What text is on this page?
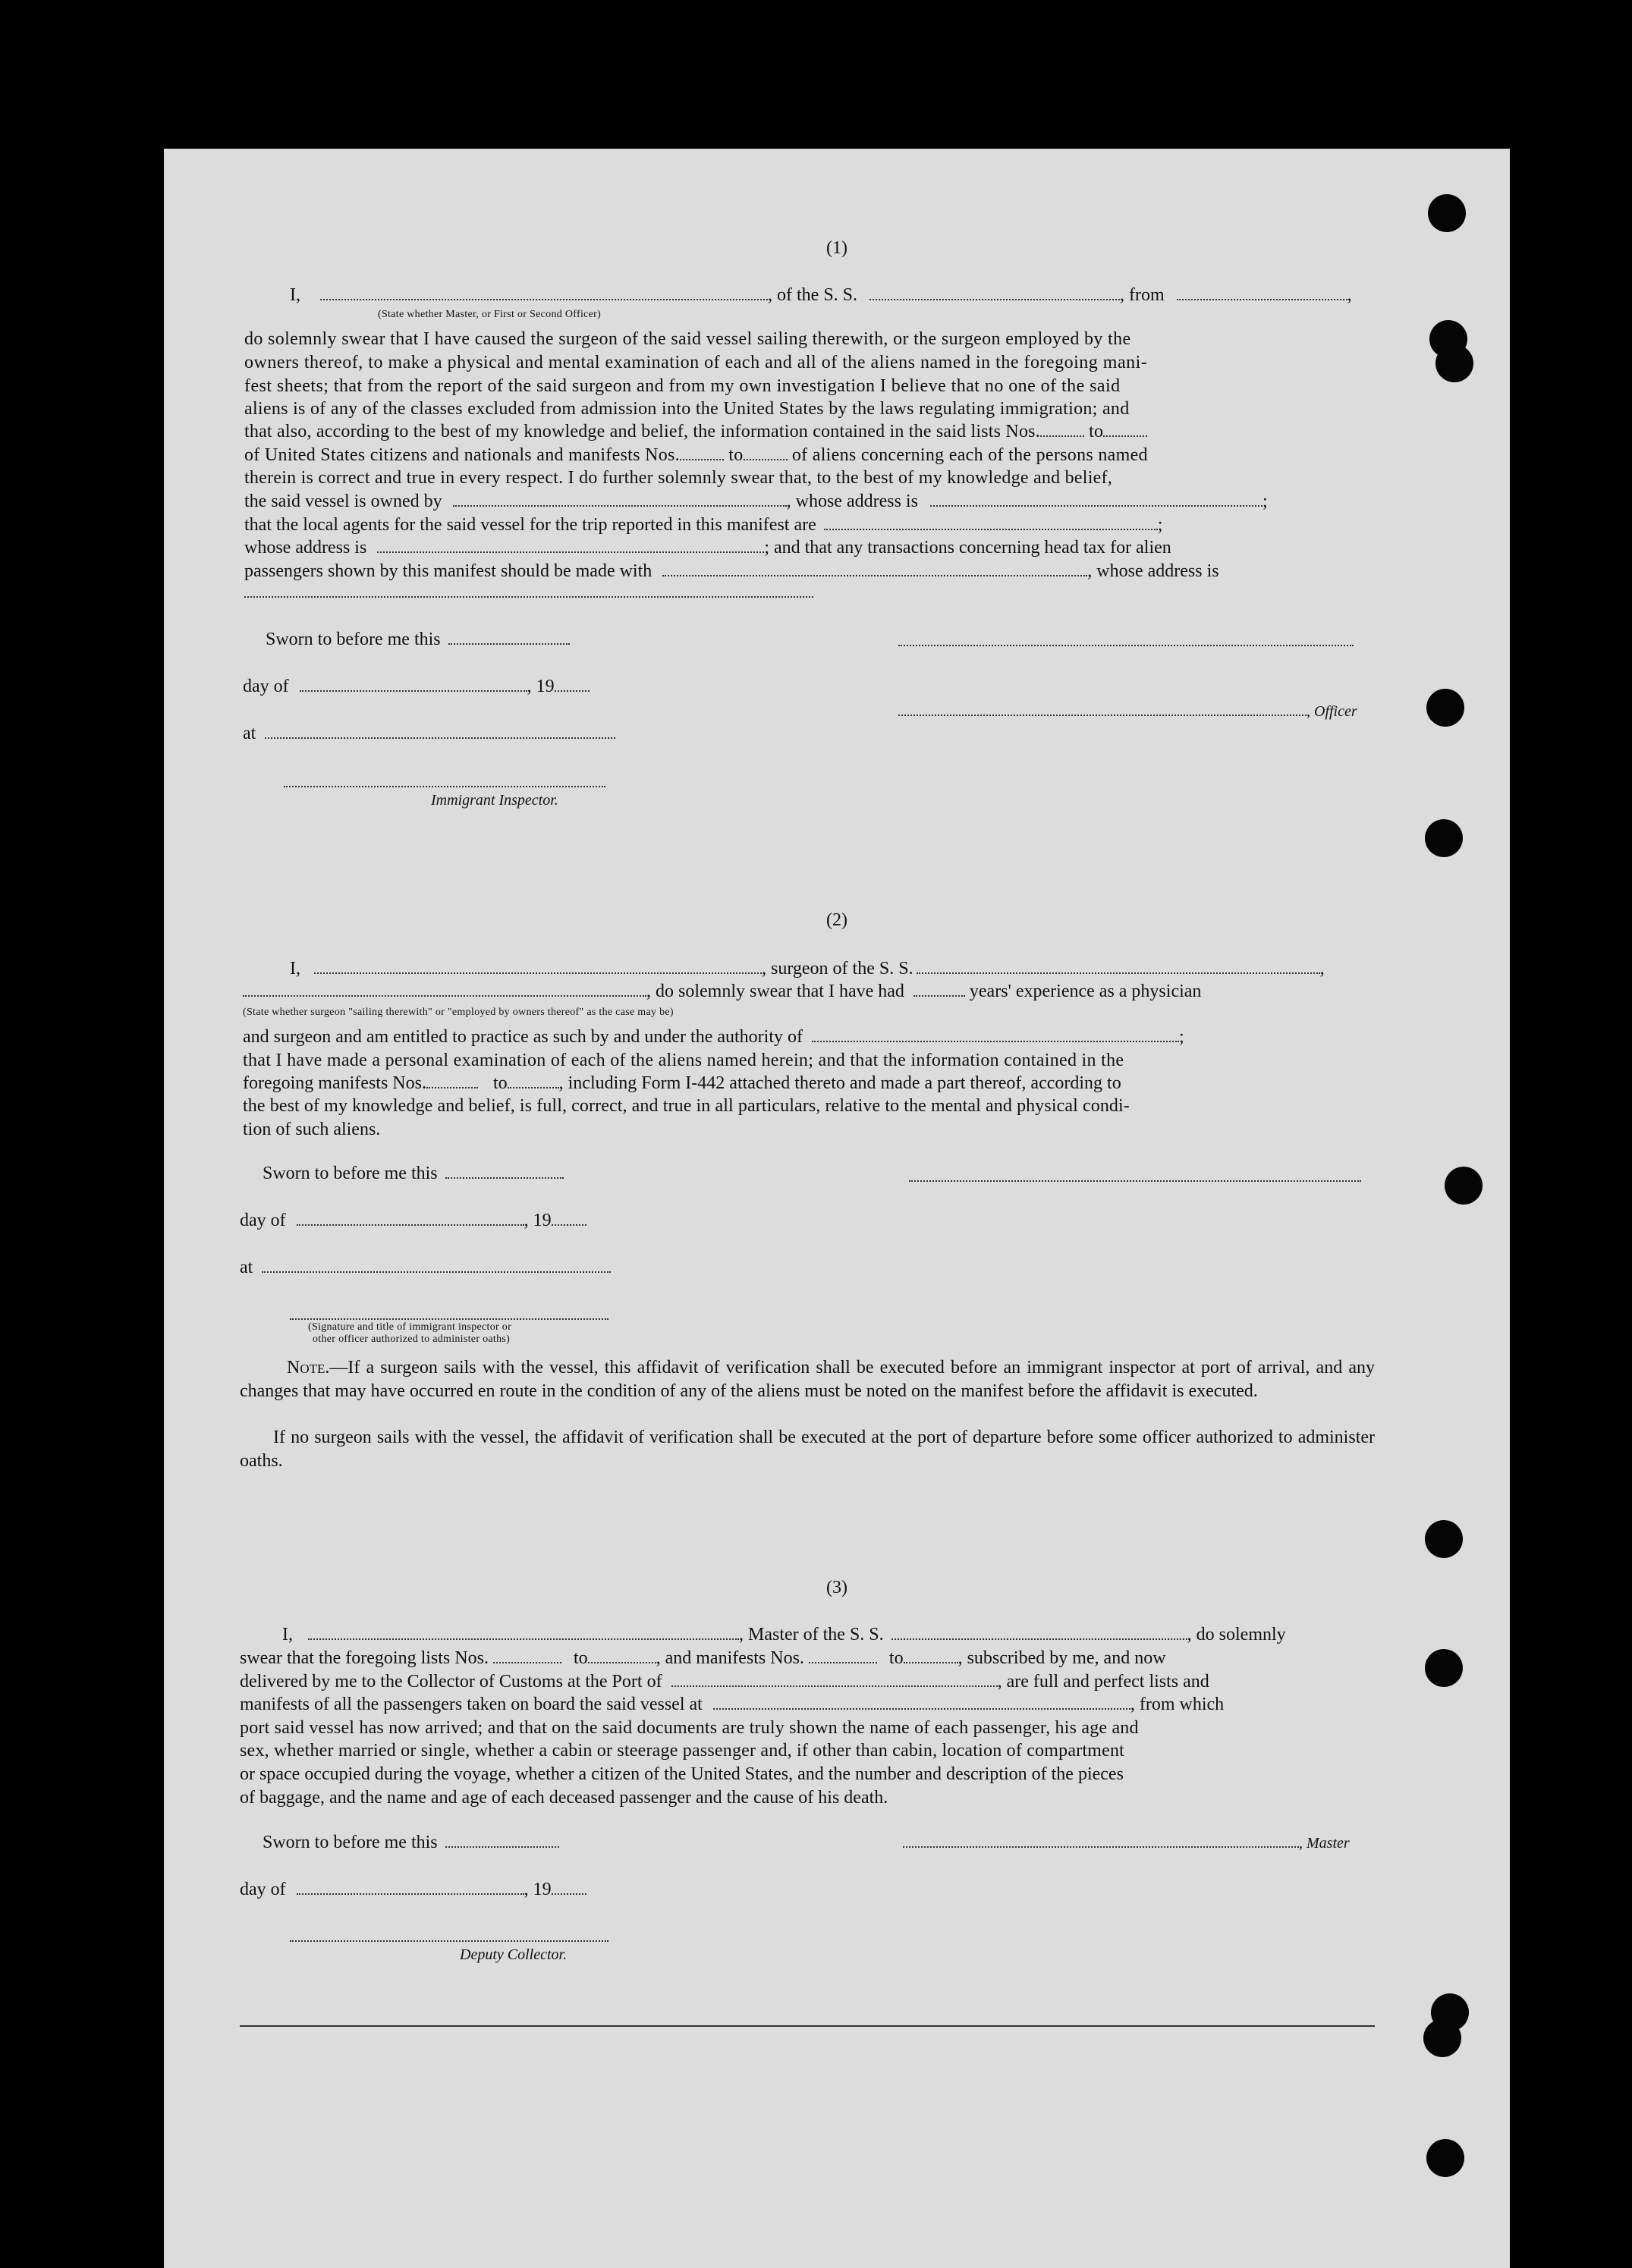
(1)
I,	, of the S. S.	, from	,
(State whether Master, or First or Second Officer)
do solemnly swear that I have caused the surgeon of the said vessel sailing therewith, or the surgeon employed by the
owners thereof, to make a physical and mental examination of each and all of the aliens named in the foregoing mani-
fest sheets; that from the report of the said surgeon and from my own investigation I believe that no one of the said
aliens is of any of the classes excluded from admission into the United States by the laws regulating immigration; and
that also, according to the best of my knowledge and belief, the information contained in the said lists Nos.	to
of United States citizens and nationals and manifests Nos.	to	of aliens concerning each of the persons named
therein is correct and true in every respect. I do further solemnly swear that, to the best of my knowledge and belief,
the said vessel is owned by	, whose address is	;
that the local agents for the said vessel for the trip reported in this manifest are	;
whose address is	; and that any transactions concerning head tax for alien
passengers shown by this manifest should be made with	, whose address is
Sworn to before me this
day of	, 19
, Officer
at
Immigrant Inspector.
(2)
I,	, surgeon of the S. S.	,
, do solemnly swear that I have had	years' experience as a physician
(State whether surgeon "sailing therewith" or "employed by owners thereof" as the case may be)
and surgeon and am entitled to practice as such by and under the authority of	;
that I have made a personal examination of each of the aliens named herein; and that the information contained in the
foregoing manifests Nos.	to	, including Form I-442 attached thereto and made a part thereof, according to
the best of my knowledge and belief, is full, correct, and true in all particulars, relative to the mental and physical condi-
tion of such aliens.
Sworn to before me this
day of	, 19
at
(Signature and title of immigrant inspector or
other officer authorized to administer oaths)
Note.—If a surgeon sails with the vessel, this affidavit of verification shall be executed before an immigrant inspector at port of arrival, and any changes that may have occurred en route in the condition of any of the aliens must be noted on the manifest before the affidavit is executed.
If no surgeon sails with the vessel, the affidavit of verification shall be executed at the port of departure before some officer authorized to administer oaths.
(3)
I,	, Master of the S. S.	, do solemnly
swear that the foregoing lists Nos.	to	, and manifests Nos.	to	, subscribed by me, and now
delivered by me to the Collector of Customs at the Port of	, are full and perfect lists and
manifests of all the passengers taken on board the said vessel at	, from which
port said vessel has now arrived; and that on the said documents are truly shown the name of each passenger, his age and
sex, whether married or single, whether a cabin or steerage passenger and, if other than cabin, location of compartment
or space occupied during the voyage, whether a citizen of the United States, and the number and description of the pieces
of baggage, and the name and age of each deceased passenger and the cause of his death.
Sworn to before me this	, Master
day of	, 19
Deputy Collector.
